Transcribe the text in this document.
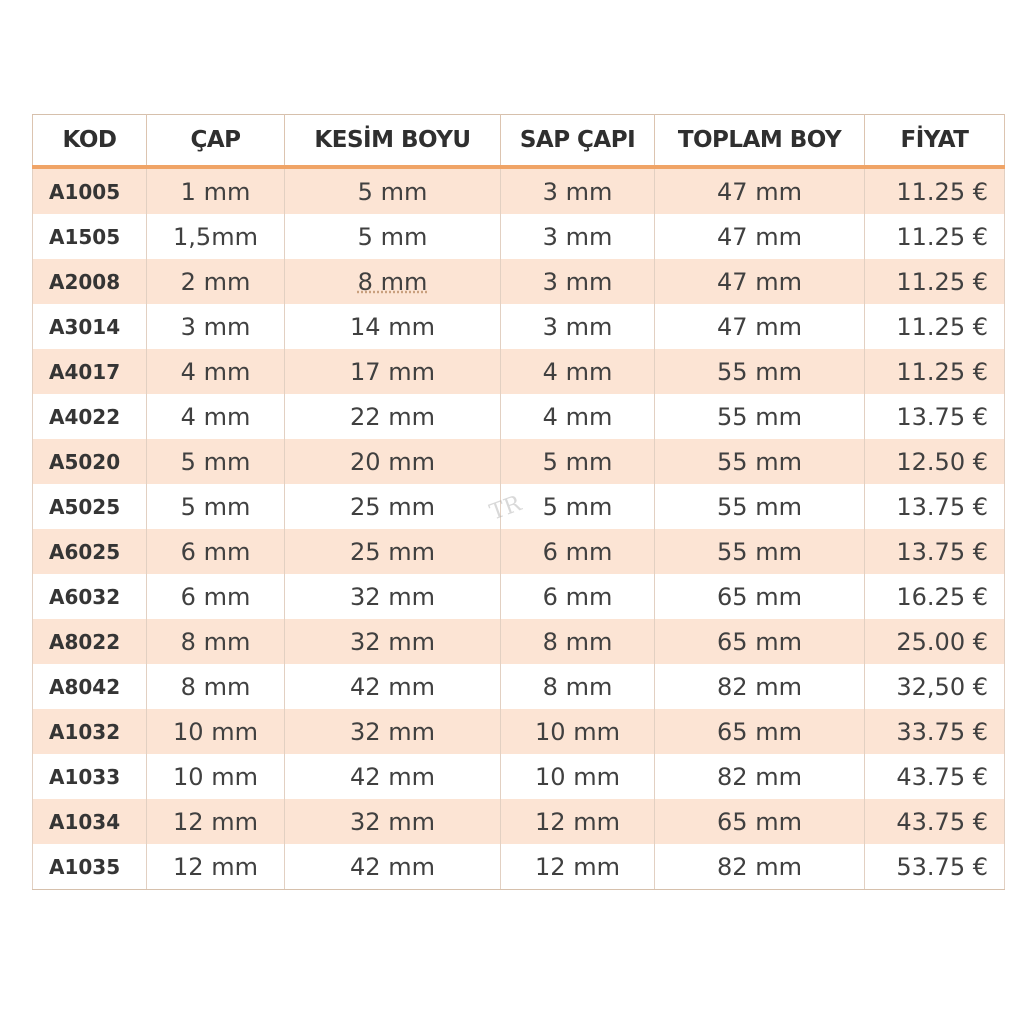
KOD	ÇAP	KESİM BOYU	SAP ÇAPI	TOPLAM BOY	FİYAT
A1005	1 mm	5 mm	3 mm	47 mm	11.25 €
A1505	1,5mm	5 mm	3 mm	47 mm	11.25 €
A2008	2 mm	8 mm	3 mm	47 mm	11.25 €
A3014	3 mm	14 mm	3 mm	47 mm	11.25 €
A4017	4 mm	17 mm	4 mm	55 mm	11.25 €
A4022	4 mm	22 mm	4 mm	55 mm	13.75 €
A5020	5 mm	20 mm	5 mm	55 mm	12.50 €
A5025	5 mm	25 mm	5 mm	55 mm	13.75 €
A6025	6 mm	25 mm	6 mm	55 mm	13.75 €
A6032	6 mm	32 mm	6 mm	65 mm	16.25 €
A8022	8 mm	32 mm	8 mm	65 mm	25.00 €
A8042	8 mm	42 mm	8 mm	82 mm	32,50 €
A1032	10 mm	32 mm	10 mm	65 mm	33.75 €
A1033	10 mm	42 mm	10 mm	82 mm	43.75 €
A1034	12 mm	32 mm	12 mm	65 mm	43.75 €
A1035	12 mm	42 mm	12 mm	82 mm	53.75 €
TR
